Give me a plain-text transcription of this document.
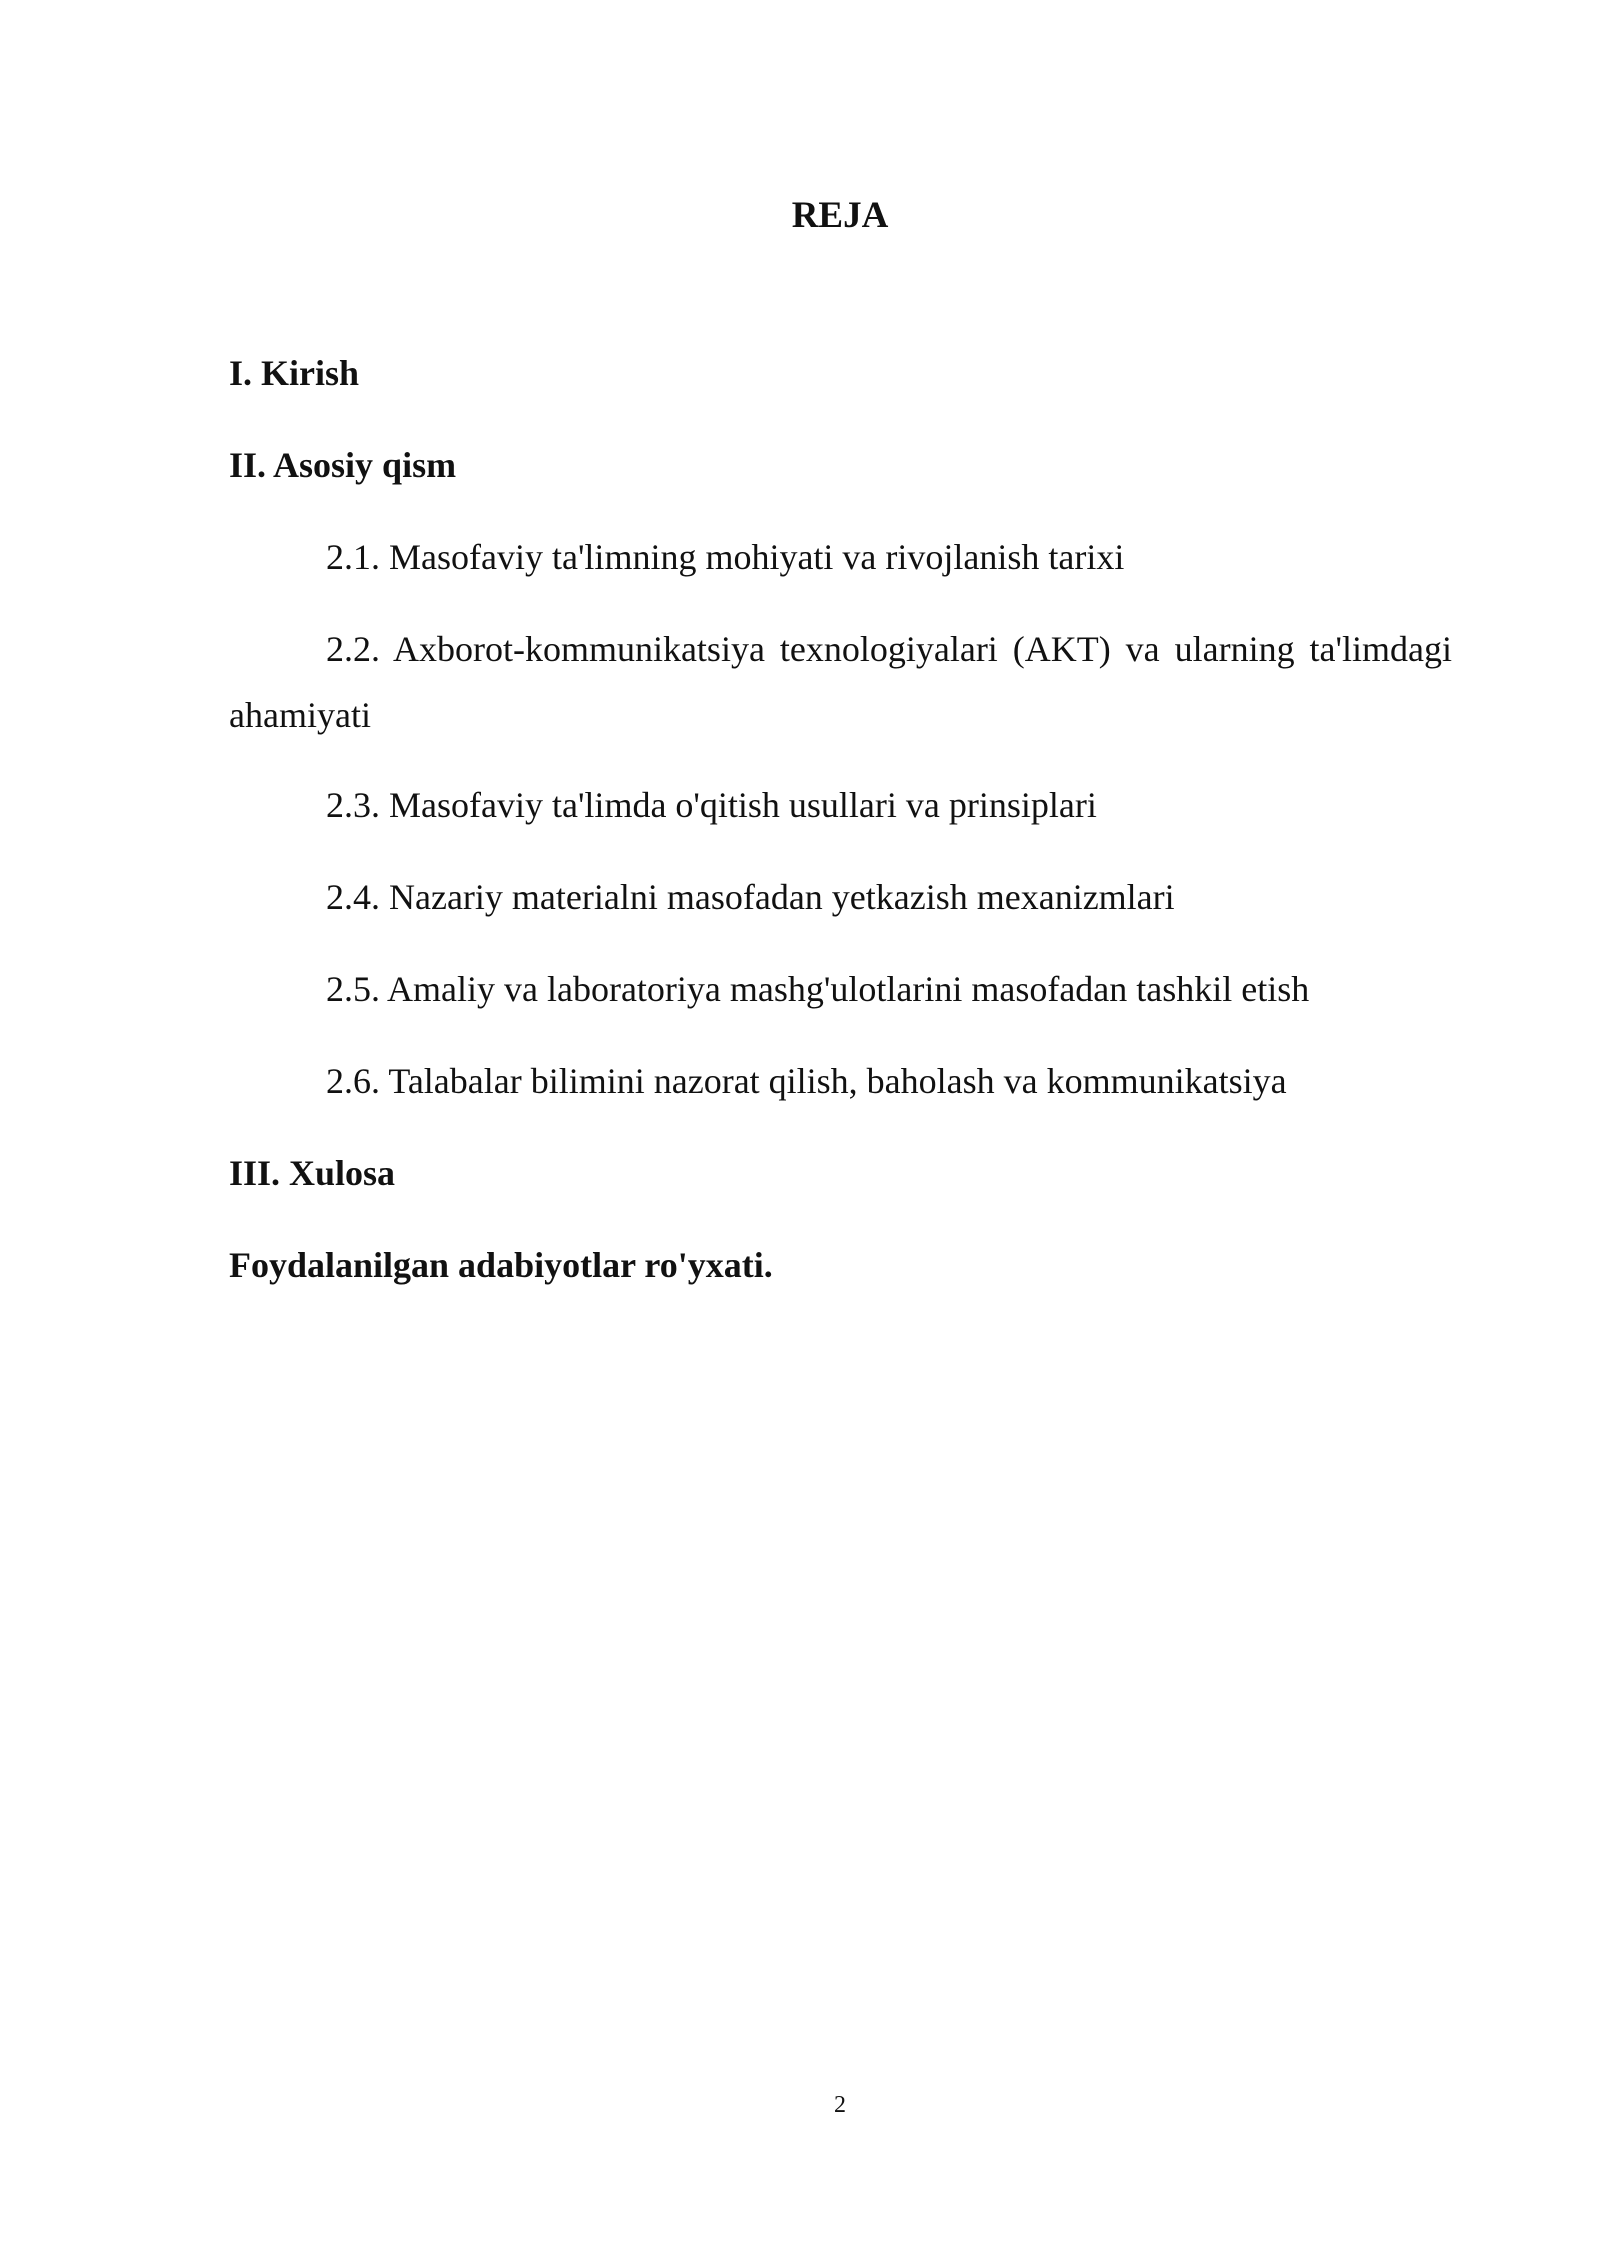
REJA

I. Kirish

II. Asosiy qism

2.1. Masofaviy ta'limning mohiyati va rivojlanish tarixi

2.2. Axborot-kommunikatsiya texnologiyalari (AKT) va ularning ta'limdagi ahamiyati

2.3. Masofaviy ta'limda o'qitish usullari va prinsiplari

2.4. Nazariy materialni masofadan yetkazish mexanizmlari

2.5. Amaliy va laboratoriya mashg'ulotlarini masofadan tashkil etish

2.6. Talabalar bilimini nazorat qilish, baholash va kommunikatsiya

III. Xulosa

Foydalanilgan adabiyotlar ro'yxati.

2
